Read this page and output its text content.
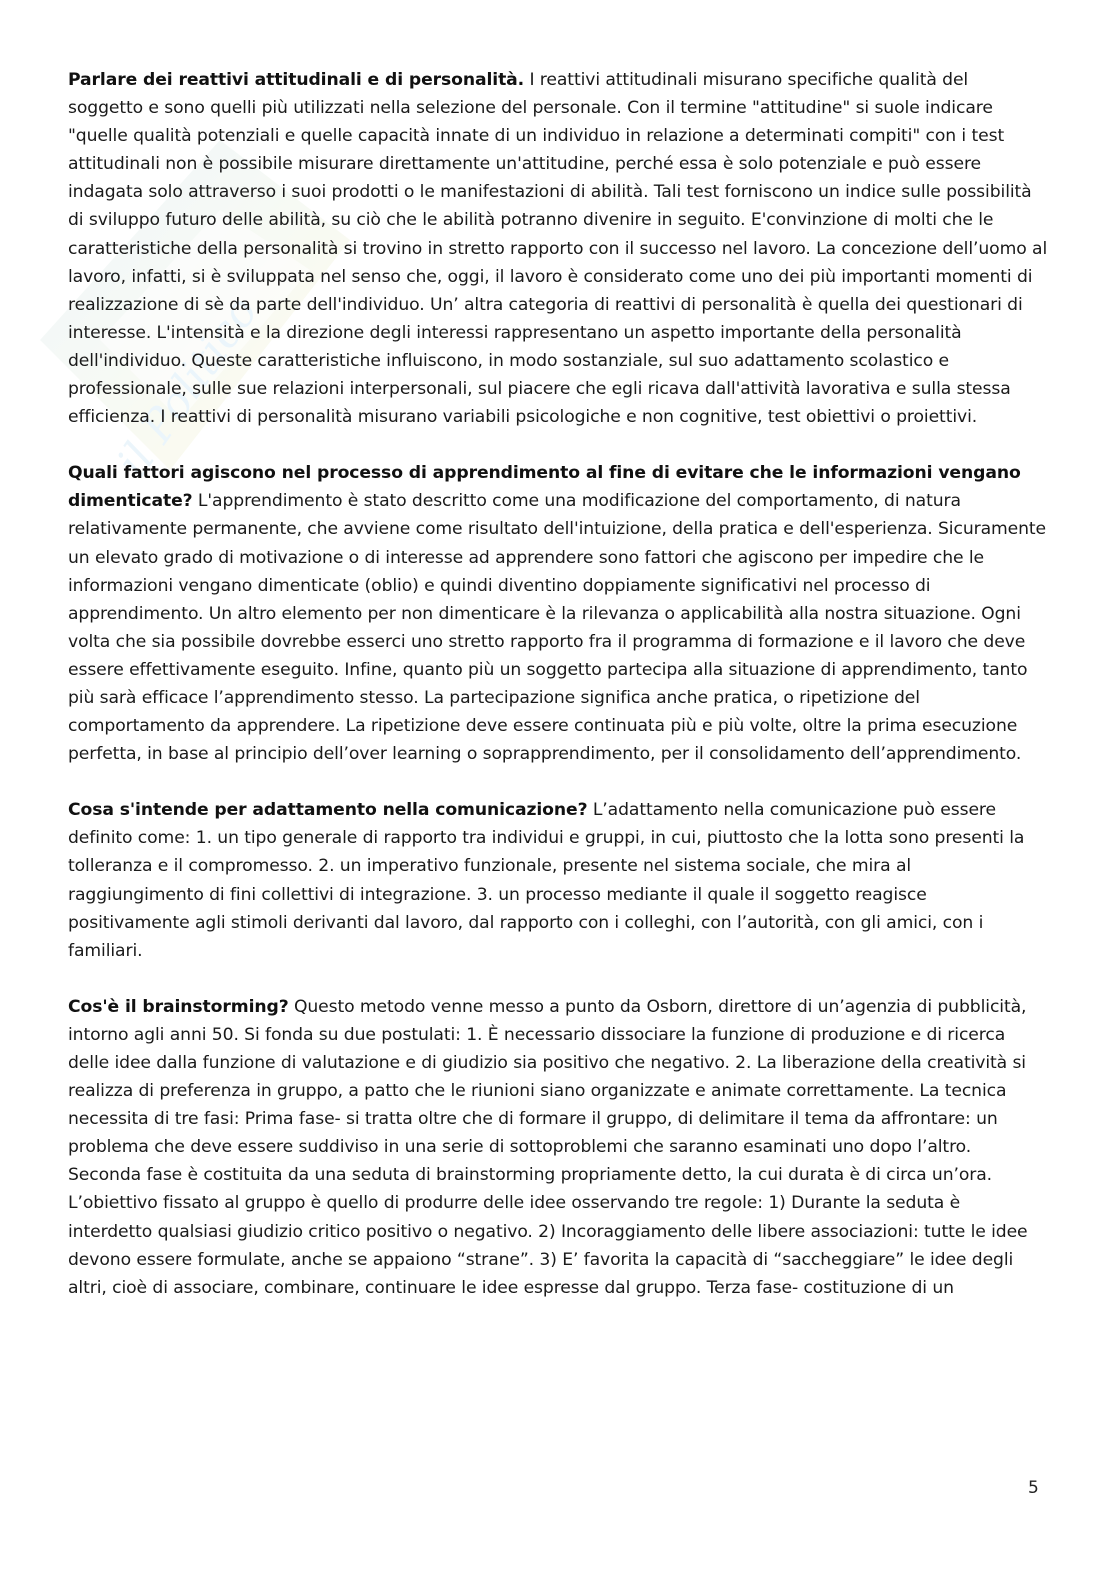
il Politico

Parlare dei reattivi attitudinali e di personalità. I reattivi attitudinali misurano specifiche qualità del soggetto e sono quelli più utilizzati nella selezione del personale. Con il termine "attitudine" si suole indicare "quelle qualità potenziali e quelle capacità innate di un individuo in relazione a determinati compiti" con i test attitudinali non è possibile misurare direttamente un'attitudine, perché essa è solo potenziale e può essere indagata solo attraverso i suoi prodotti o le manifestazioni di abilità. Tali test forniscono un indice sulle possibilità di sviluppo futuro delle abilità, su ciò che le abilità potranno divenire in seguito. E'convinzione di molti che le caratteristiche della personalità si trovino in stretto rapporto con il successo nel lavoro. La concezione dell’uomo al lavoro, infatti, si è sviluppata nel senso che, oggi, il lavoro è considerato come uno dei più importanti momenti di realizzazione di sè da parte dell'individuo. Un’ altra categoria di reattivi di personalità è quella dei questionari di interesse. L'intensità e la direzione degli interessi rappresentano un aspetto importante della personalità dell'individuo. Queste caratteristiche influiscono, in modo sostanziale, sul suo adattamento scolastico e professionale, sulle sue relazioni interpersonali, sul piacere che egli ricava dall'attività lavorativa e sulla stessa efficienza. I reattivi di personalità misurano variabili psicologiche e non cognitive, test obiettivi o proiettivi.

Quali fattori agiscono nel processo di apprendimento al fine di evitare che le informazioni vengano dimenticate? L'apprendimento è stato descritto come una modificazione del comportamento, di natura relativamente permanente, che avviene come risultato dell'intuizione, della pratica e dell'esperienza. Sicuramente un elevato grado di motivazione o di interesse ad apprendere sono fattori che agiscono per impedire che le informazioni vengano dimenticate (oblio) e quindi diventino doppiamente significativi nel processo di apprendimento. Un altro elemento per non dimenticare è la rilevanza o applicabilità alla nostra situazione. Ogni volta che sia possibile dovrebbe esserci uno stretto rapporto fra il programma di formazione e il lavoro che deve essere effettivamente eseguito. Infine, quanto più un soggetto partecipa alla situazione di apprendimento, tanto più sarà efficace l’apprendimento stesso. La partecipazione significa anche pratica, o ripetizione del comportamento da apprendere. La ripetizione deve essere continuata più e più volte, oltre la prima esecuzione perfetta, in base al principio dell’over learning o soprapprendimento, per il consolidamento dell’apprendimento.

Cosa s'intende per adattamento nella comunicazione? L’adattamento nella comunicazione può essere definito come: 1. un tipo generale di rapporto tra individui e gruppi, in cui, piuttosto che la lotta sono presenti la tolleranza e il compromesso. 2. un imperativo funzionale, presente nel sistema sociale, che mira al raggiungimento di fini collettivi di integrazione. 3. un processo mediante il quale il soggetto reagisce positivamente agli stimoli derivanti dal lavoro, dal rapporto con i colleghi, con l’autorità, con gli amici, con i familiari.

Cos'è il brainstorming? Questo metodo venne messo a punto da Osborn, direttore di un’agenzia di pubblicità, intorno agli anni 50. Si fonda su due postulati: 1. È necessario dissociare la funzione di produzione e di ricerca delle idee dalla funzione di valutazione e di giudizio sia positivo che negativo. 2. La liberazione della creatività si realizza di preferenza in gruppo, a patto che le riunioni siano organizzate e animate correttamente. La tecnica necessita di tre fasi: Prima fase- si tratta oltre che di formare il gruppo, di delimitare il tema da affrontare: un problema che deve essere suddiviso in una serie di sottoproblemi che saranno esaminati uno dopo l’altro. Seconda fase è costituita da una seduta di brainstorming propriamente detto, la cui durata è di circa un’ora. L’obiettivo fissato al gruppo è quello di produrre delle idee osservando tre regole: 1) Durante la seduta è interdetto qualsiasi giudizio critico positivo o negativo. 2) Incoraggiamento delle libere associazioni: tutte le idee devono essere formulate, anche se appaiono “strane”. 3) E’ favorita la capacità di “saccheggiare” le idee degli altri, cioè di associare, combinare, continuare le idee espresse dal gruppo. Terza fase- costituzione di un

5
